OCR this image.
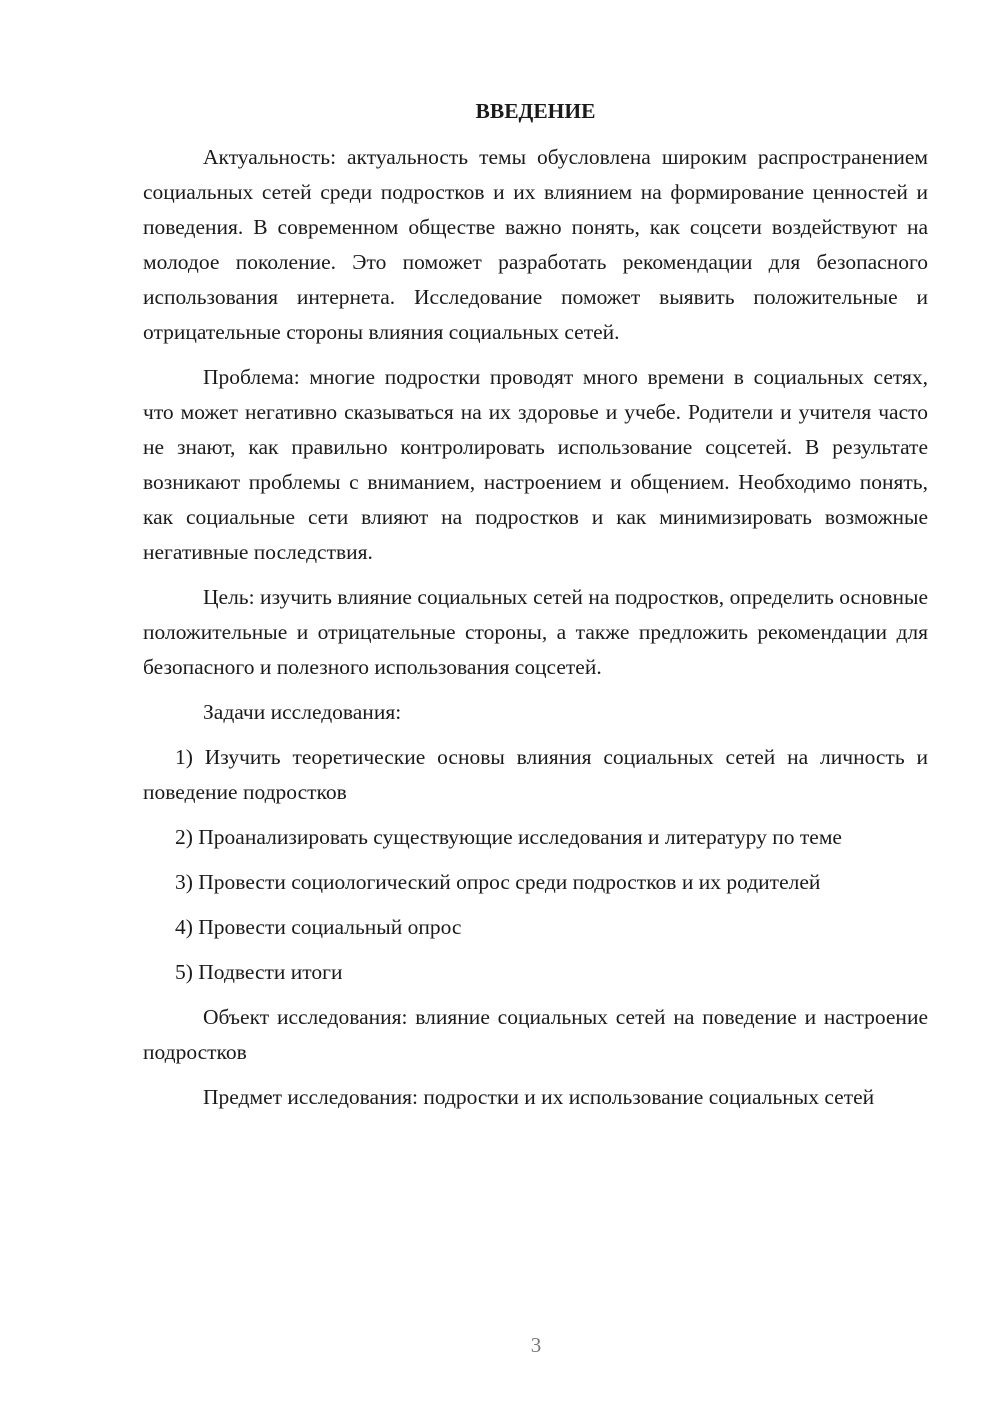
ВВЕДЕНИЕ

Актуальность: актуальность темы обусловлена широким распространением социальных сетей среди подростков и их влиянием на формирование ценностей и поведения. В современном обществе важно понять, как соцсети воздействуют на молодое поколение. Это поможет разработать рекомендации для безопасного использования интернета. Исследование поможет выявить положительные и отрицательные стороны влияния социальных сетей.

Проблема: многие подростки проводят много времени в социальных сетях, что может негативно сказываться на их здоровье и учебе. Родители и учителя часто не знают, как правильно контролировать использование соцсетей. В результате возникают проблемы с вниманием, настроением и общением. Необходимо понять, как социальные сети влияют на подростков и как минимизировать возможные негативные последствия.

Цель: изучить влияние социальных сетей на подростков, определить основные положительные и отрицательные стороны, а также предложить рекомендации для безопасного и полезного использования соцсетей.

Задачи исследования:

1) Изучить теоретические основы влияния социальных сетей на личность и поведение подростков

2) Проанализировать существующие исследования и литературу по теме

3) Провести социологический опрос среди подростков и их родителей

4) Провести социальный опрос

5) Подвести итоги

Объект исследования: влияние социальных сетей на поведение и настроение подростков

Предмет исследования: подростки и их использование социальных сетей

3
